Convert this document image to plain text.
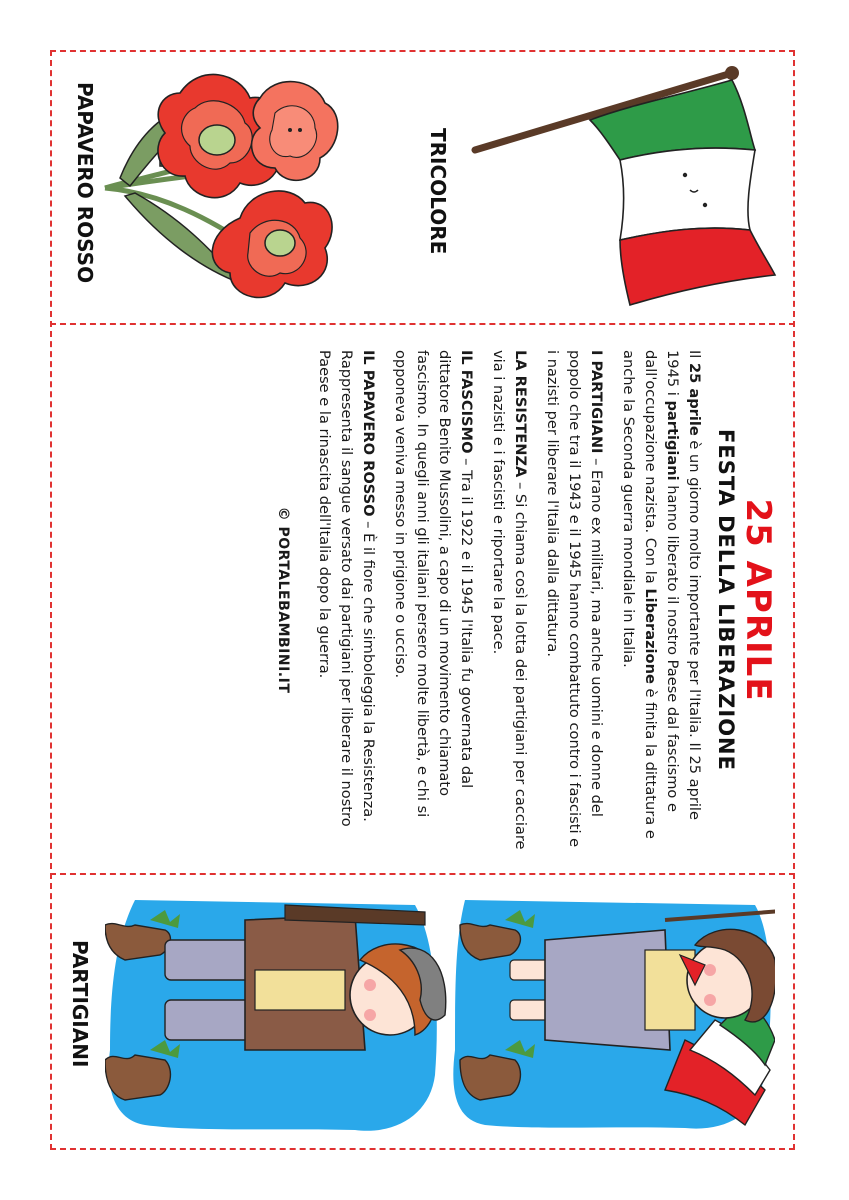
PAPAVERO ROSSO	TRICOLORE
25 APRILE
FESTA DELLA LIBERAZIONE

Il 25 aprile è un giorno molto importante per l'Italia. Il 25 aprile 1945 i partigiani hanno liberato il nostro Paese dal fascismo e dall'occupazione nazista. Con la Liberazione è finita la dittatura e anche la Seconda guerra mondiale in Italia.

I PARTIGIANI – Erano ex militari, ma anche uomini e donne del popolo che tra il 1943 e il 1945 hanno combattuto contro i fascisti e i nazisti per liberare l'Italia dalla dittatura.

LA RESISTENZA – Si chiama così la lotta dei partigiani per cacciare via i nazisti e i fascisti e riportare la pace.

IL FASCISMO – Tra il 1922 e il 1945 l'Italia fu governata dal dittatore Benito Mussolini, a capo di un movimento chiamato fascismo. In quegli anni gli italiani persero molte libertà, e chi si opponeva veniva messo in prigione o ucciso.

IL PAPAVERO ROSSO – È il fiore che simboleggia la Resistenza. Rappresenta il sangue versato dai partigiani per liberare il nostro Paese e la rinascita dell'Italia dopo la guerra.

© PORTALEBAMBINI.IT
PARTIGIANI
